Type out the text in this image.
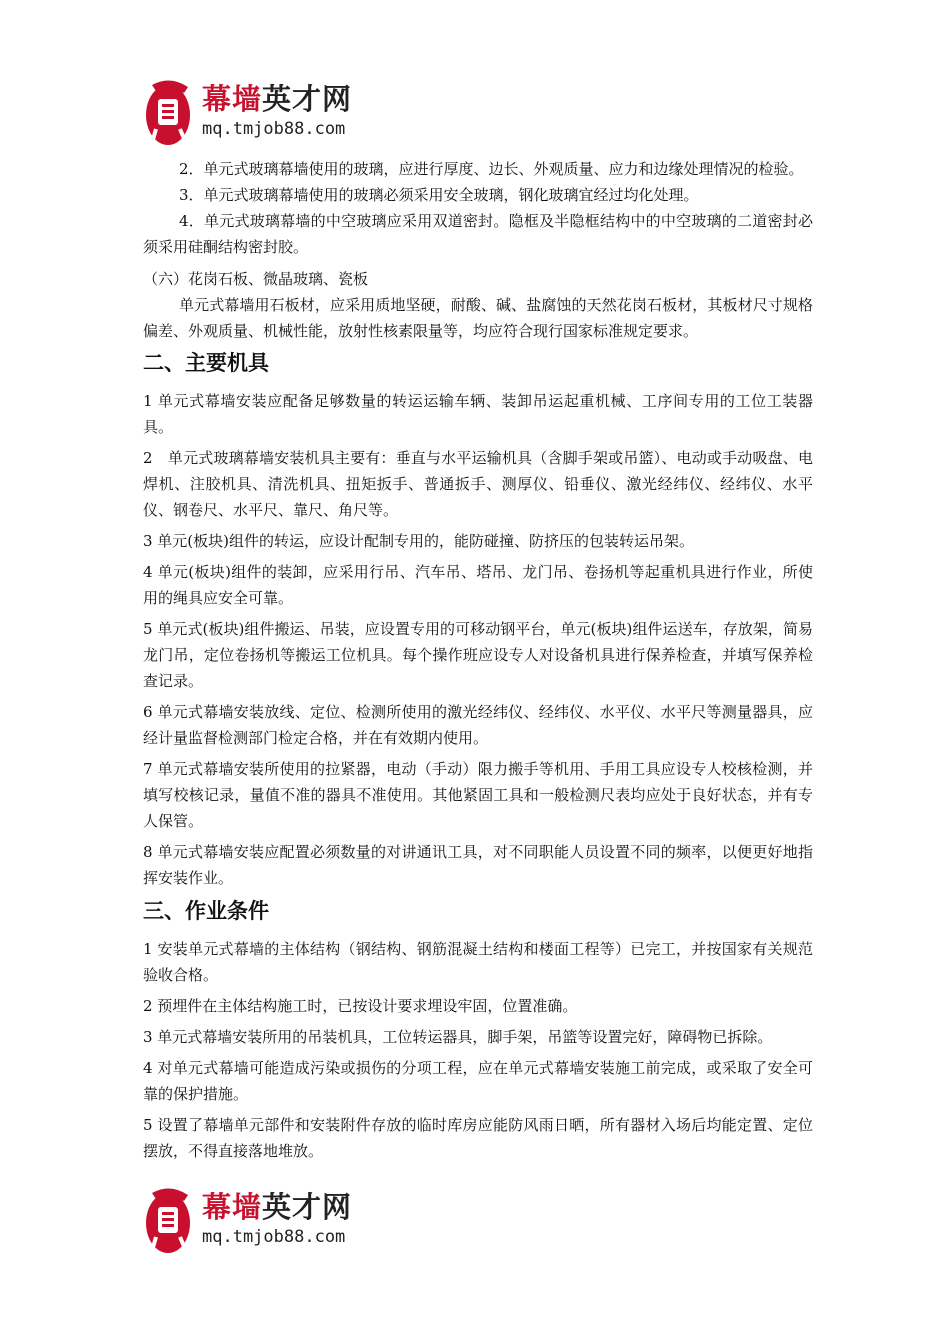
幕墙英才网
mq.tmjob88.com

2．单元式玻璃幕墙使用的玻璃，应进行厚度、边长、外观质量、应力和边缘处理情况的检验。

3．单元式玻璃幕墙使用的玻璃必须采用安全玻璃，钢化玻璃宜经过均化处理。

4．单元式玻璃幕墙的中空玻璃应采用双道密封。隐框及半隐框结构中的中空玻璃的二道密封必须采用硅酮结构密封胶。

（六）花岗石板、微晶玻璃、瓷板

单元式幕墙用石板材，应采用质地坚硬，耐酸、碱、盐腐蚀的天然花岗石板材，其板材尺寸规格偏差、外观质量、机械性能，放射性核素限量等，均应符合现行国家标准规定要求。

二、主要机具

1 单元式幕墙安装应配备足够数量的转运运输车辆、装卸吊运起重机械、工序间专用的工位工装器具。

2　单元式玻璃幕墙安装机具主要有：垂直与水平运输机具（含脚手架或吊篮）、电动或手动吸盘、电焊机、注胶机具、清洗机具、扭矩扳手、普通扳手、测厚仪、铅垂仪、激光经纬仪、经纬仪、水平仪、钢卷尺、水平尺、靠尺、角尺等。

3 单元(板块)组件的转运，应设计配制专用的，能防碰撞、防挤压的包装转运吊架。

4 单元(板块)组件的装卸，应采用行吊、汽车吊、塔吊、龙门吊、卷扬机等起重机具进行作业，所使用的绳具应安全可靠。

5 单元式(板块)组件搬运、吊装，应设置专用的可移动钢平台，单元(板块)组件运送车，存放架，简易龙门吊，定位卷扬机等搬运工位机具。每个操作班应设专人对设备机具进行保养检查，并填写保养检查记录。

6 单元式幕墙安装放线、定位、检测所使用的激光经纬仪、经纬仪、水平仪、水平尺等测量器具，应经计量监督检测部门检定合格，并在有效期内使用。

7 单元式幕墙安装所使用的拉紧器，电动（手动）限力搬手等机用、手用工具应设专人校核检测，并填写校核记录，量值不准的器具不准使用。其他紧固工具和一般检测尺表均应处于良好状态，并有专人保管。

8 单元式幕墙安装应配置必须数量的对讲通讯工具，对不同职能人员设置不同的频率，以便更好地指挥安装作业。

三、作业条件

1 安装单元式幕墙的主体结构（钢结构、钢筋混凝土结构和楼面工程等）已完工，并按国家有关规范验收合格。

2 预埋件在主体结构施工时，已按设计要求埋设牢固，位置准确。

3 单元式幕墙安装所用的吊装机具，工位转运器具，脚手架，吊篮等设置完好，障碍物已拆除。

4 对单元式幕墙可能造成污染或损伤的分项工程，应在单元式幕墙安装施工前完成，或采取了安全可靠的保护措施。

5 设置了幕墙单元部件和安装附件存放的临时库房应能防风雨日晒，所有器材入场后均能定置、定位摆放，不得直接落地堆放。

幕墙英才网
mq.tmjob88.com
